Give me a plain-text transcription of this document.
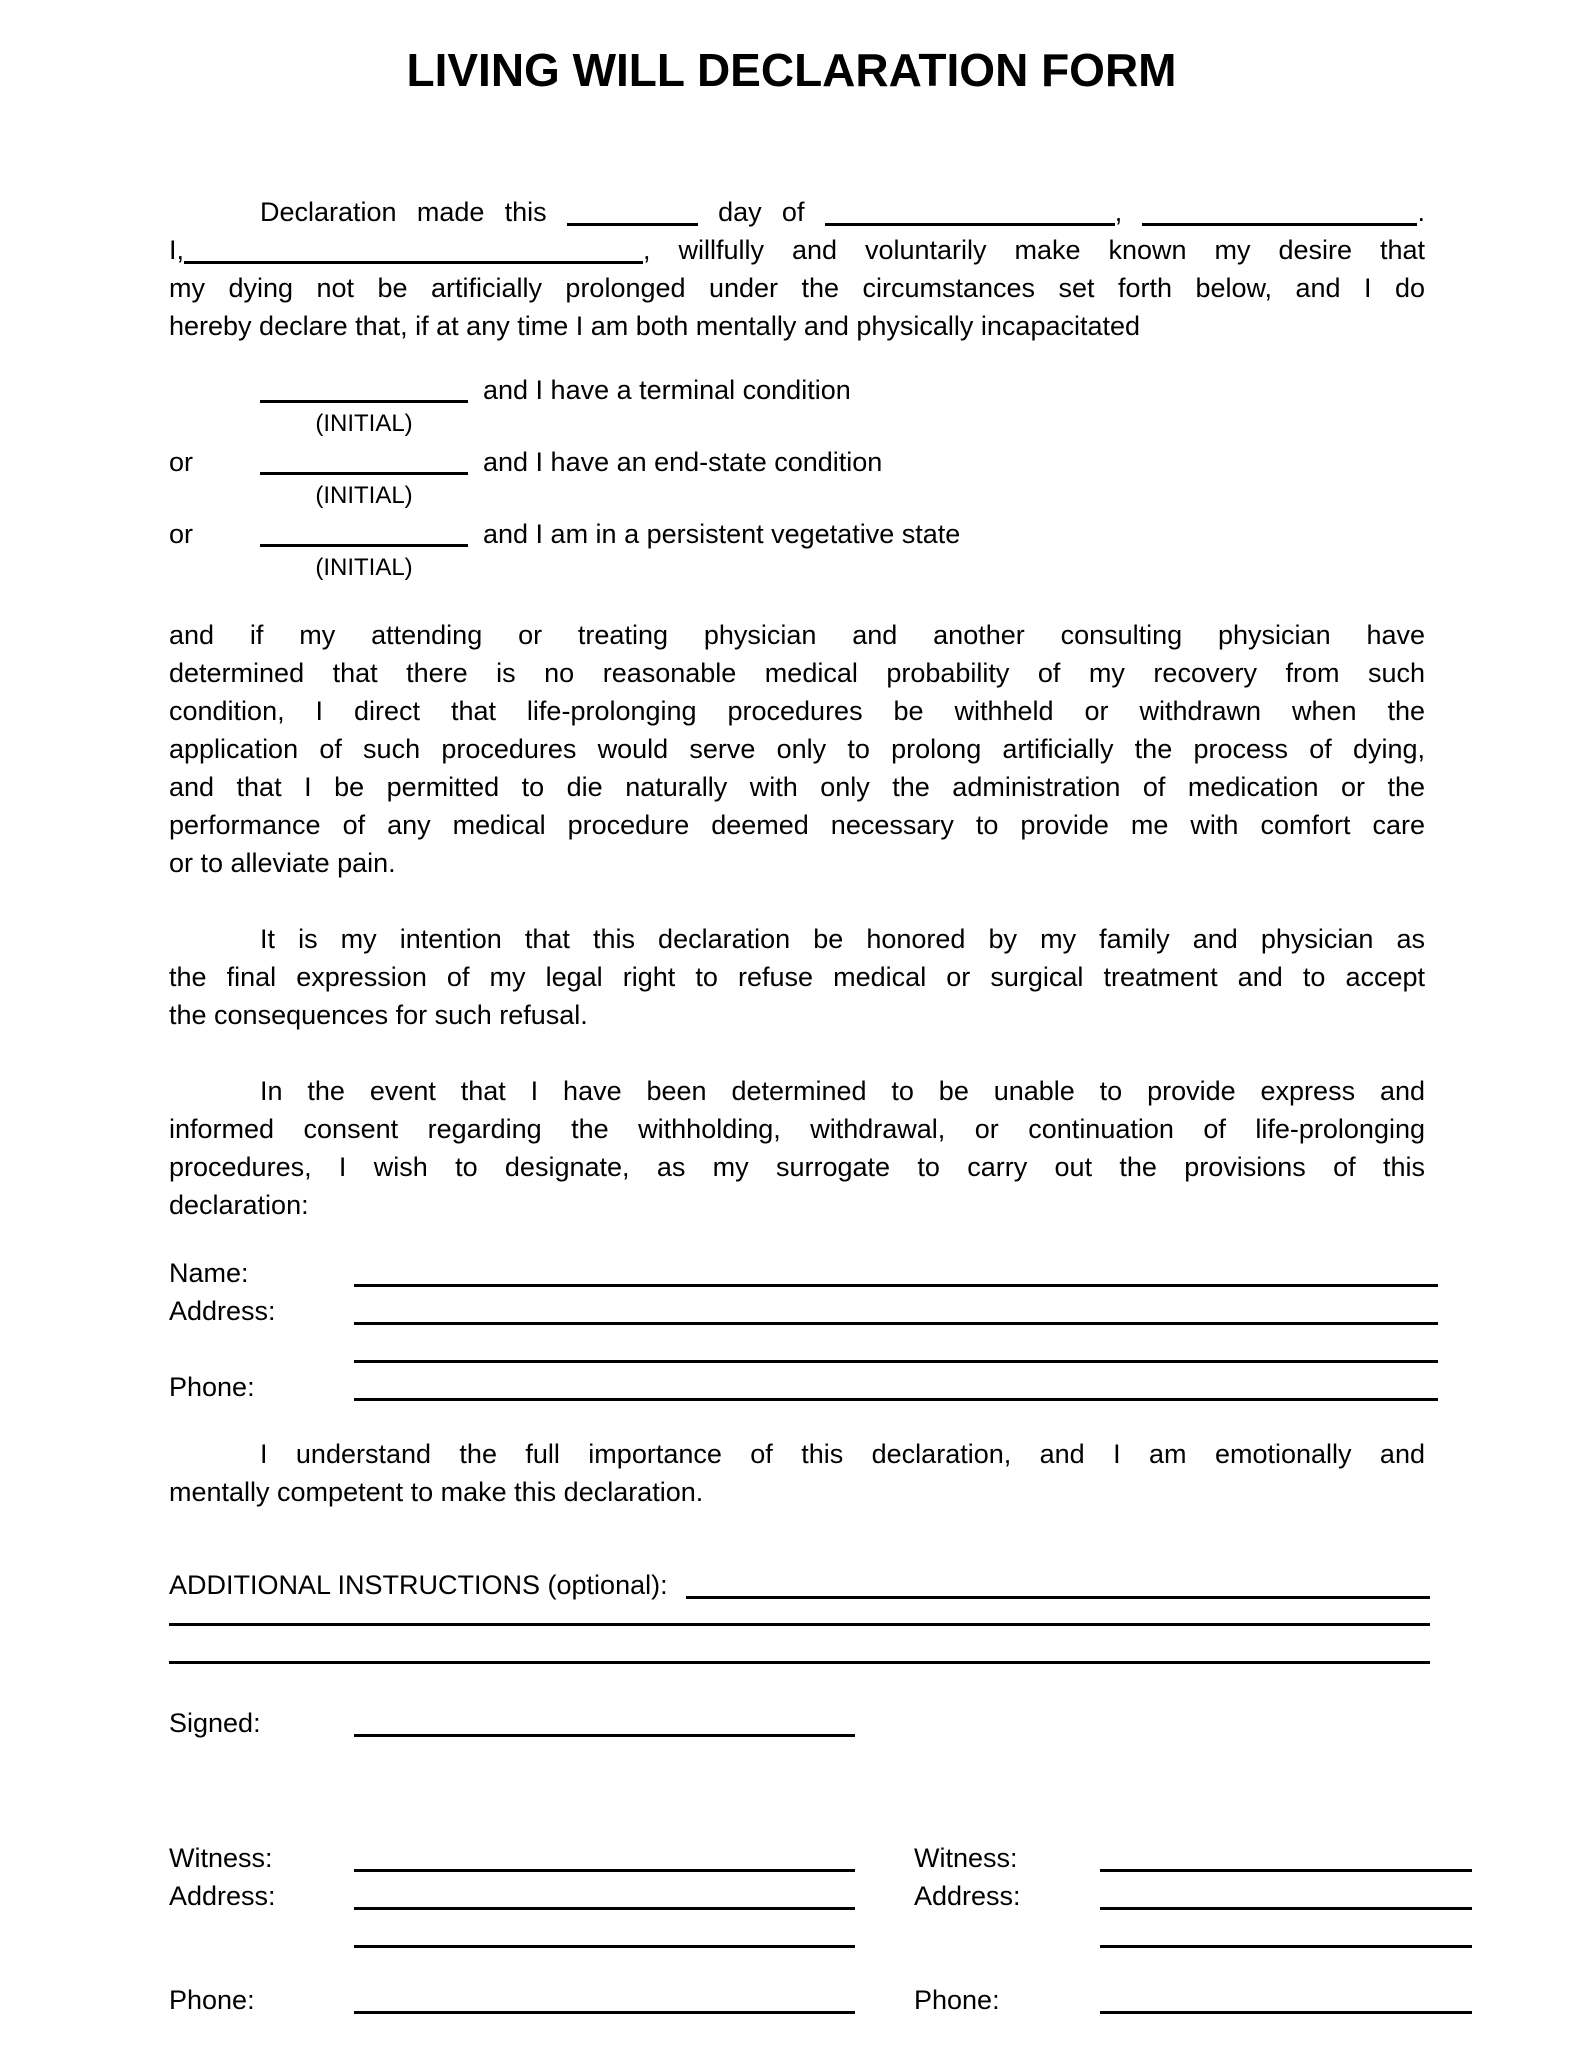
LIVING WILL DECLARATION FORM
Declaration made this	day of	,	.
I,	, willfully and voluntarily make known my desire that
my dying not be artificially prolonged under the circumstances set forth below, and I do
hereby declare that, if at any time I am both mentally and physically incapacitated
and I have a terminal condition
(INITIAL)
or	and I have an end-state condition
(INITIAL)
or	and I am in a persistent vegetative state
(INITIAL)
and if my attending or treating physician and another consulting physician have
determined that there is no reasonable medical probability of my recovery from such
condition, I direct that life-prolonging procedures be withheld or withdrawn when the
application of such procedures would serve only to prolong artificially the process of dying,
and that I be permitted to die naturally with only the administration of medication or the
performance of any medical procedure deemed necessary to provide me with comfort care
or to alleviate pain.
It is my intention that this declaration be honored by my family and physician as
the final expression of my legal right to refuse medical or surgical treatment and to accept
the consequences for such refusal.
In the event that I have been determined to be unable to provide express and
informed consent regarding the withholding, withdrawal, or continuation of life-prolonging
procedures, I wish to designate, as my surrogate to carry out the provisions of this
declaration:
Name:
Address:
Phone:
I understand the full importance of this declaration, and I am emotionally and
mentally competent to make this declaration.
ADDITIONAL INSTRUCTIONS (optional):
Signed:
Witness:
Address:
Phone:
Witness:
Address:
Phone:
